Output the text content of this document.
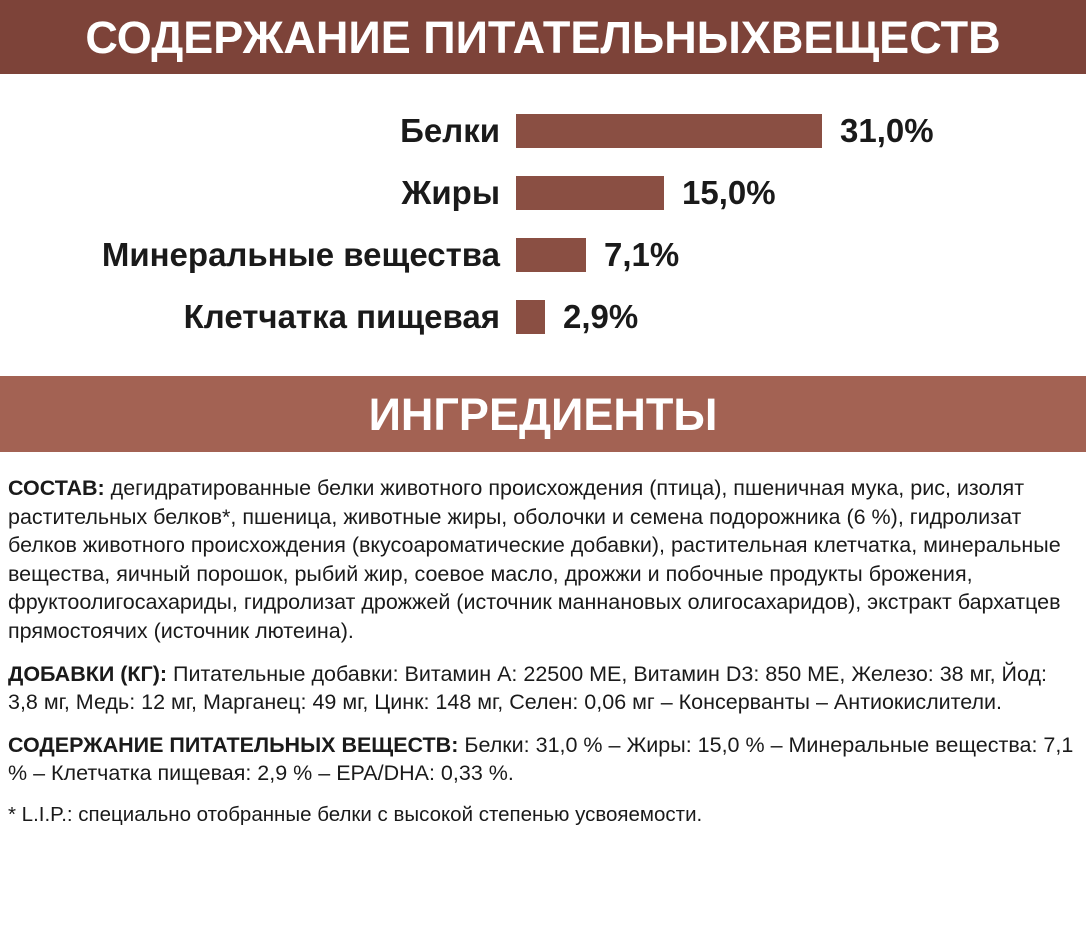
СОДЕРЖАНИЕ ПИТАТЕЛЬНЫХВЕЩЕСТВ
Белки	31,0%
Жиры	15,0%
Минеральные вещества	7,1%
Клетчатка пищевая	2,9%
ИНГРЕДИЕНТЫ

СОСТАВ: дегидратированные белки животного происхождения (птица), пшеничная мука, рис, изолят растительных белков*, пшеница, животные жиры, оболочки и семена подорожника (6 %), гидролизат белков животного происхождения (вкусоароматические добавки), растительная клетчатка, минеральные вещества, яичный порошок, рыбий жир, соевое масло, дрожжи и побочные продукты брожения, фруктоолигосахариды, гидролизат дрожжей (источник маннановых олигосахаридов), экстракт бархатцев прямостоячих (источник лютеина).

ДОБАВКИ (КГ): Питательные добавки: Витамин А: 22500 МЕ, Витамин D3: 850 МЕ, Железо: 38 мг, Йод: 3,8 мг, Медь: 12 мг, Марганец: 49 мг, Цинк: 148 мг, Селен: 0,06 мг – Консерванты – Антиокислители.

СОДЕРЖАНИЕ ПИТАТЕЛЬНЫХ ВЕЩЕСТВ: Белки: 31,0 % – Жиры: 15,0 % – Минеральные вещества: 7,1 % – Клетчатка пищевая: 2,9 % – EPA/DHA: 0,33 %.

* L.I.P.: специально отобранные белки с высокой степенью усвояемости.
